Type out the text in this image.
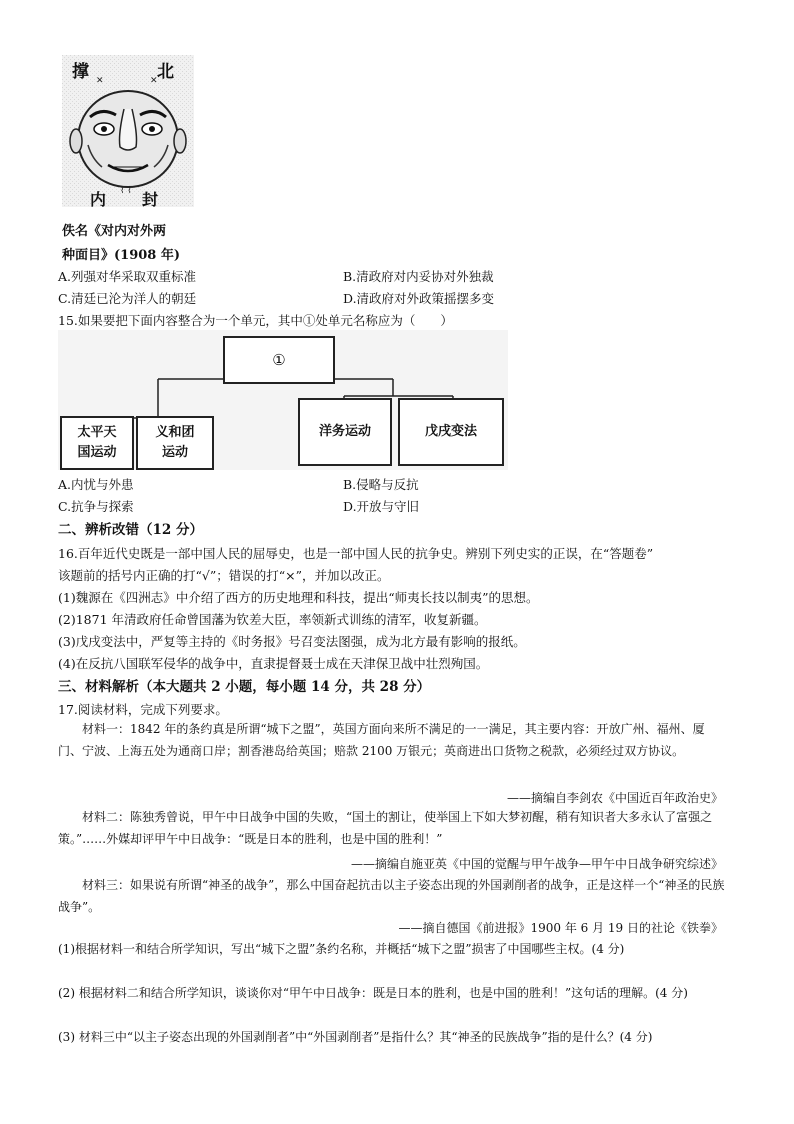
✕	✕
⌇ ⌇
撑	北
内 封
佚名《对内对外两
种面目》(1908 年)
A.列强对华采取双重标准	B.清政府对内妥协对外独裁
C.清廷已沦为洋人的朝廷	D.清政府对外政策摇摆多变
15.如果要把下面内容整合为一个单元，其中①处单元名称应为（　　）
①
太平天
国运动
义和团
运动
洋务运动	戊戌变法
A.内忧与外患	B.侵略与反抗
C.抗争与探索	D.开放与守旧
二、辨析改错（12 分）
16.百年近代史既是一部中国人民的屈辱史，也是一部中国人民的抗争史。辨别下列史实的正误，在“答题卷”
该题前的括号内正确的打“√”；错误的打“×”，并加以改正。
(1)魏源在《四洲志》中介绍了西方的历史地理和科技，提出“师夷长技以制夷”的思想。
(2)1871 年清政府任命曾国藩为钦差大臣，率领新式训练的清军，收复新疆。
(3)戊戌变法中，严复等主持的《时务报》号召变法图强，成为北方最有影响的报纸。
(4)在反抗八国联军侵华的战争中，直隶提督聂士成在天津保卫战中壮烈殉国。
三、材料解析（本大题共 2 小题，每小题 14 分，共 28 分）
17.阅读材料，完成下列要求。
材料一：1842 年的条约真是所谓“城下之盟”，英国方面向来所不满足的一一满足，其主要内容：开放广州、福州、厦门、宁波、上海五处为通商口岸；割香港岛给英国；赔款 2100 万银元；英商进出口货物之税款，必须经过双方协议。
——摘编自李剑农《中国近百年政治史》
材料二：陈独秀曾说，甲午中日战争中国的失败，“国土的割让，使举国上下如大梦初醒，稍有知识者大多永认了富强之策。”……外媒却评甲午中日战争：“既是日本的胜利，也是中国的胜利！”
——摘编自施亚英《中国的觉醒与甲午战争—甲午中日战争研究综述》
材料三：如果说有所谓“神圣的战争”，那么中国奋起抗击以主子姿态出现的外国剥削者的战争，正是这样一个“神圣的民族战争”。
——摘自德国《前进报》1900 年 6 月 19 日的社论《铁拳》
(1)根据材料一和结合所学知识，写出“城下之盟”条约名称，并概括“城下之盟”损害了中国哪些主权。(4 分)
(2) 根据材料二和结合所学知识，谈谈你对“甲午中日战争：既是日本的胜利，也是中国的胜利！”这句话的理解。(4 分)
(3) 材料三中“以主子姿态出现的外国剥削者”中“外国剥削者”是指什么？其“神圣的民族战争”指的是什么？(4 分)
